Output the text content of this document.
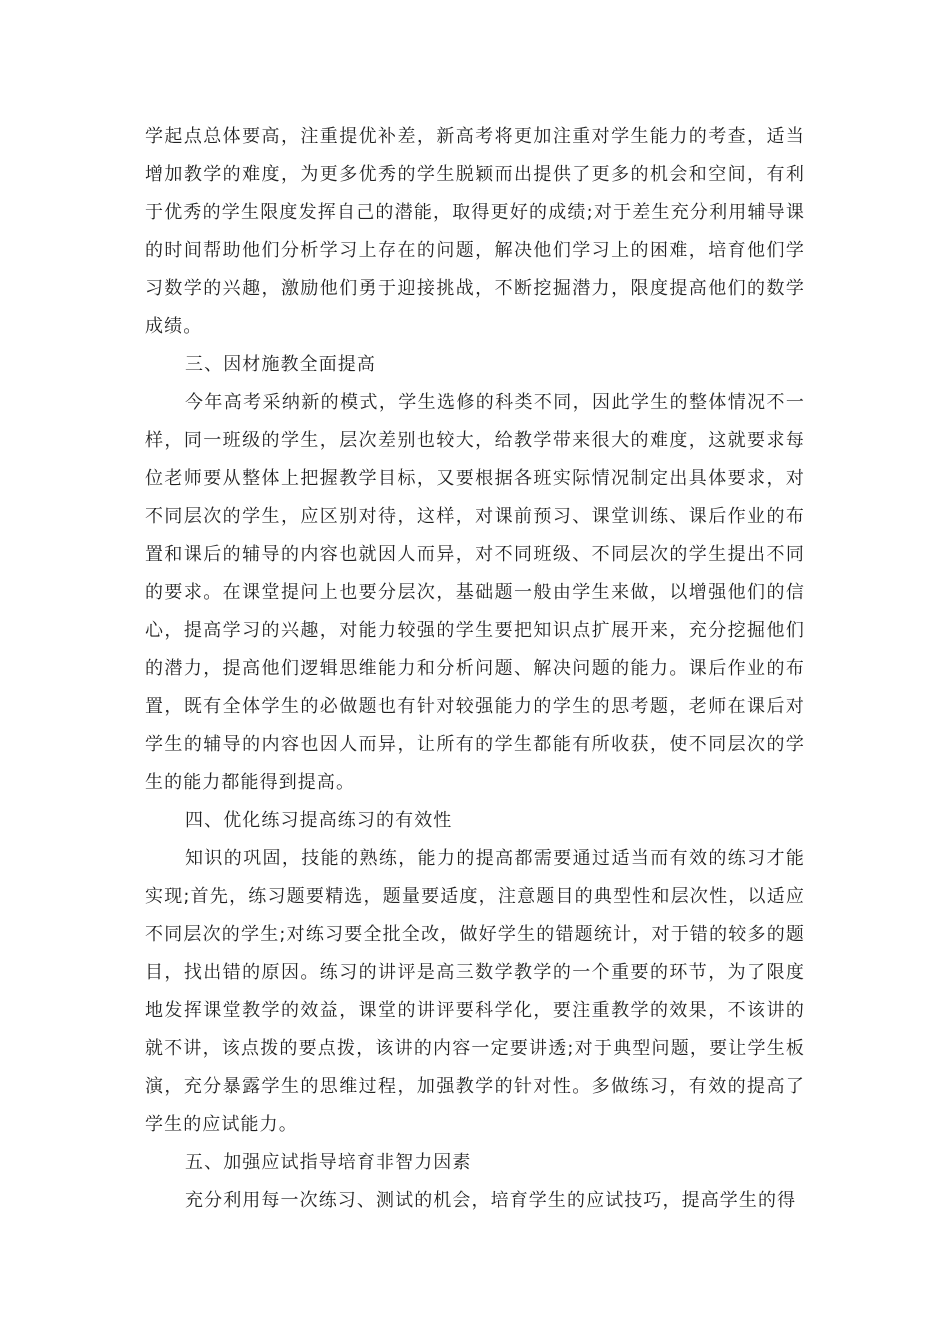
学起点总体要高，注重提优补差，新高考将更加注重对学生能力的考查，适当增加教学的难度，为更多优秀的学生脱颖而出提供了更多的机会和空间，有利于优秀的学生限度发挥自己的潜能，取得更好的成绩;对于差生充分利用辅导课的时间帮助他们分析学习上存在的问题，解决他们学习上的困难，培育他们学习数学的兴趣，激励他们勇于迎接挑战，不断挖掘潜力，限度提高他们的数学成绩。

三、因材施教全面提高

今年高考采纳新的模式，学生选修的科类不同，因此学生的整体情况不一样，同一班级的学生，层次差别也较大，给教学带来很大的难度，这就要求每位老师要从整体上把握教学目标，又要根据各班实际情况制定出具体要求，对不同层次的学生，应区别对待，这样，对课前预习、课堂训练、课后作业的布置和课后的辅导的内容也就因人而异，对不同班级、不同层次的学生提出不同的要求。在课堂提问上也要分层次，基础题一般由学生来做，以增强他们的信心，提高学习的兴趣，对能力较强的学生要把知识点扩展开来，充分挖掘他们的潜力，提高他们逻辑思维能力和分析问题、解决问题的能力。课后作业的布置，既有全体学生的必做题也有针对较强能力的学生的思考题，老师在课后对学生的辅导的内容也因人而异，让所有的学生都能有所收获，使不同层次的学生的能力都能得到提高。

四、优化练习提高练习的有效性

知识的巩固，技能的熟练，能力的提高都需要通过适当而有效的练习才能实现;首先，练习题要精选，题量要适度，注意题目的典型性和层次性，以适应不同层次的学生;对练习要全批全改，做好学生的错题统计，对于错的较多的题目，找出错的原因。练习的讲评是高三数学教学的一个重要的环节，为了限度地发挥课堂教学的效益，课堂的讲评要科学化，要注重教学的效果，不该讲的就不讲，该点拨的要点拨，该讲的内容一定要讲透;对于典型问题，要让学生板演，充分暴露学生的思维过程，加强教学的针对性。多做练习，有效的提高了学生的应试能力。

五、加强应试指导培育非智力因素

充分利用每一次练习、测试的机会，培育学生的应试技巧，提高学生的得
